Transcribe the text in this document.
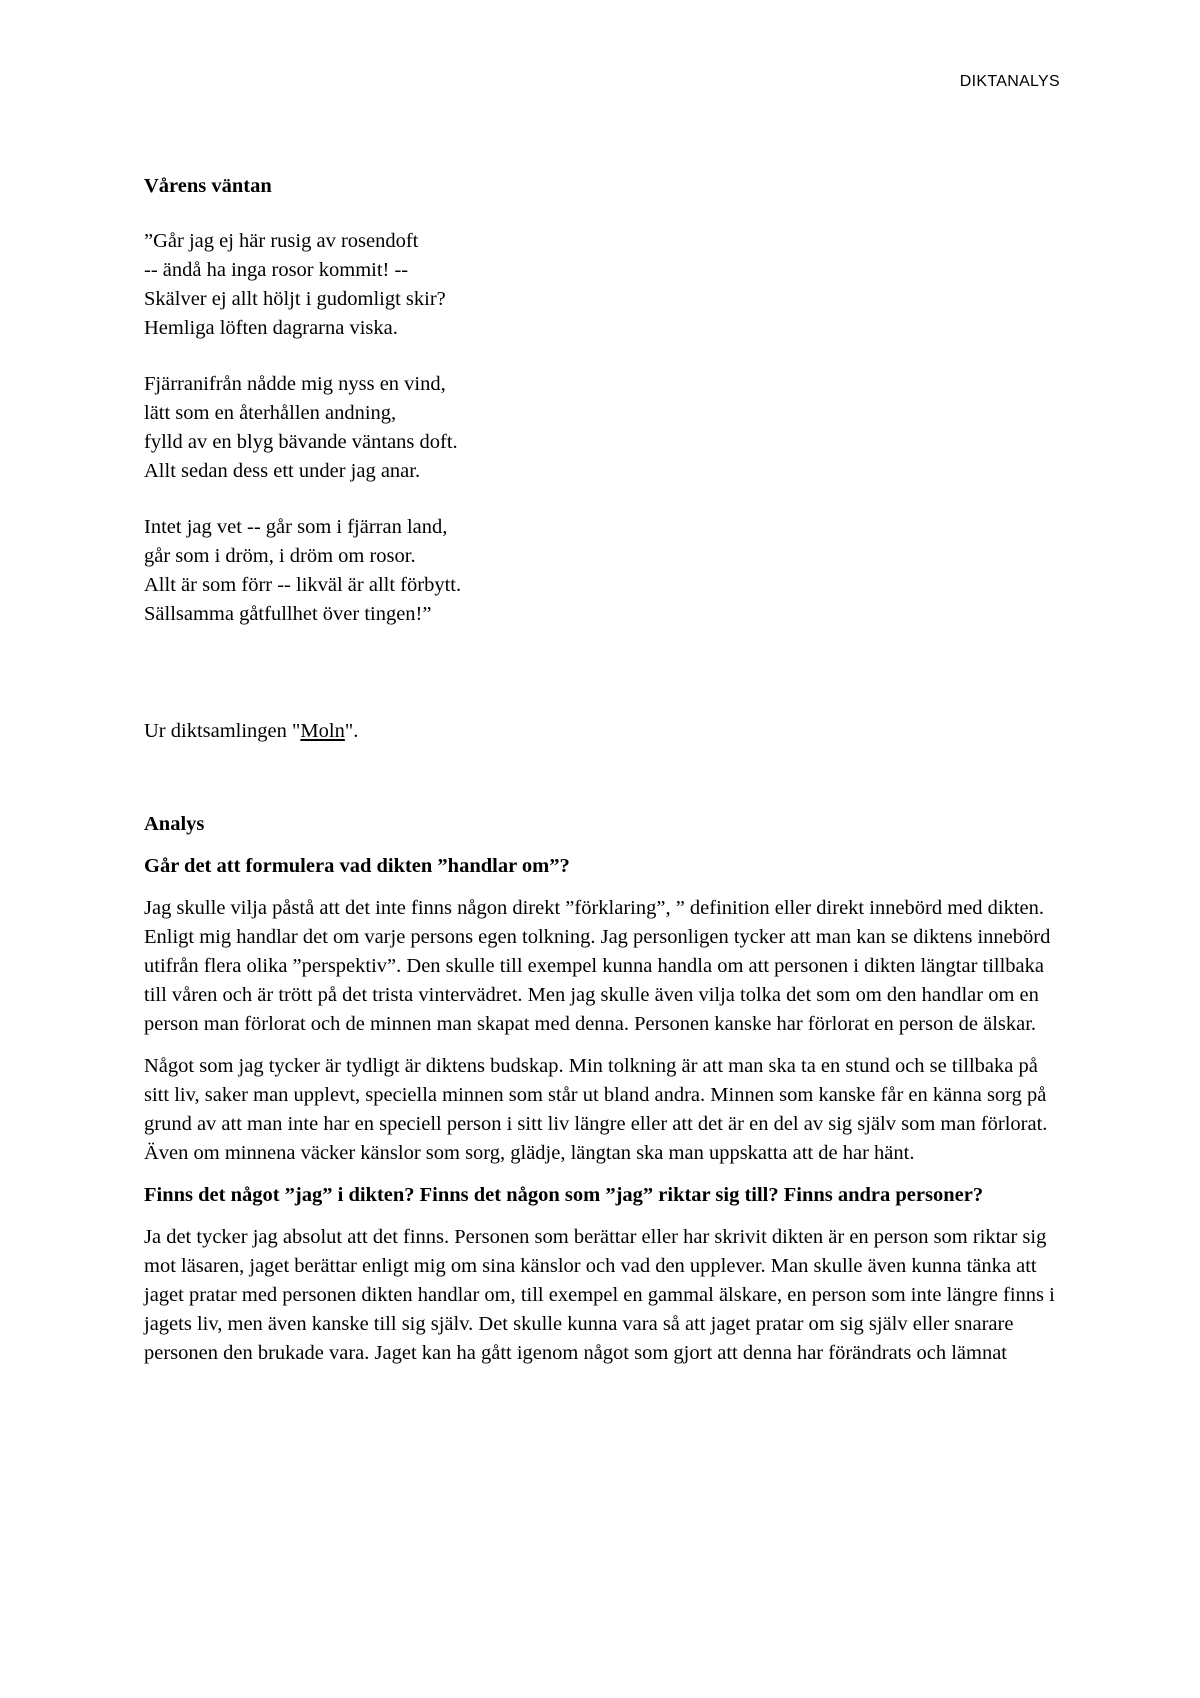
DIKTANALYS
Vårens väntan
”Går jag ej här rusig av rosendoft
-- ändå ha inga rosor kommit! --
Skälver ej allt höljt i gudomligt skir?
Hemliga löften dagrarna viska.
Fjärranifrån nådde mig nyss en vind,
lätt som en återhållen andning,
fylld av en blyg bävande väntans doft.
Allt sedan dess ett under jag anar.
Intet jag vet -- går som i fjärran land,
går som i dröm, i dröm om rosor.
Allt är som förr -- likväl är allt förbytt.
Sällsamma gåtfullhet över tingen!”
Ur diktsamlingen "Moln".
Analys
Går det att formulera vad dikten ”handlar om”?
Jag skulle vilja påstå att det inte finns någon direkt ”förklaring”, ” definition eller direkt innebörd med dikten. Enligt mig handlar det om varje persons egen tolkning. Jag personligen tycker att man kan se diktens innebörd utifrån flera olika ”perspektiv”. Den skulle till exempel kunna handla om att personen i dikten längtar tillbaka till våren och är trött på det trista vintervädret. Men jag skulle även vilja tolka det som om den handlar om en person man förlorat och de minnen man skapat med denna. Personen kanske har förlorat en person de älskar.
Något som jag tycker är tydligt är diktens budskap. Min tolkning är att man ska ta en stund och se tillbaka på sitt liv, saker man upplevt, speciella minnen som står ut bland andra. Minnen som kanske får en känna sorg på grund av att man inte har en speciell person i sitt liv längre eller att det är en del av sig själv som man förlorat. Även om minnena väcker känslor som sorg, glädje, längtan ska man uppskatta att de har hänt.
Finns det något ”jag” i dikten? Finns det någon som ”jag” riktar sig till? Finns andra personer?
Ja det tycker jag absolut att det finns. Personen som berättar eller har skrivit dikten är en person som riktar sig mot läsaren, jaget berättar enligt mig om sina känslor och vad den upplever. Man skulle även kunna tänka att jaget pratar med personen dikten handlar om, till exempel en gammal älskare, en person som inte längre finns i jagets liv, men även kanske till sig själv. Det skulle kunna vara så att jaget pratar om sig själv eller snarare personen den brukade vara. Jaget kan ha gått igenom något som gjort att denna har förändrats och lämnat
